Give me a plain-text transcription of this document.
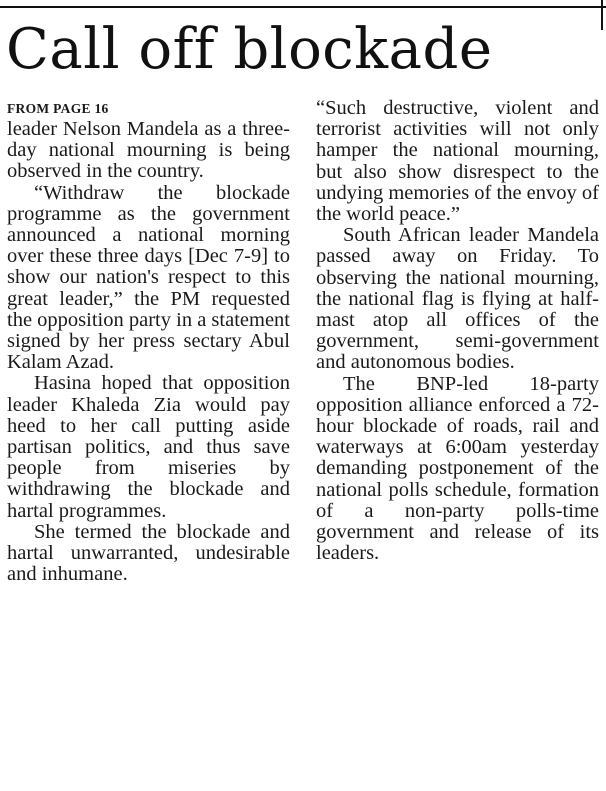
Call off blockade
FROM PAGE 16

leader Nelson Mandela as a three-day national mourning is being observed in the country.

“Withdraw the blockade programme as the government announced a national morning over these three days [Dec 7-9] to show our nation's respect to this great leader,” the PM requested the opposition party in a statement signed by her press sectary Abul Kalam Azad.

Hasina hoped that opposition leader Khaleda Zia would pay heed to her call putting aside partisan politics, and thus save people from miseries by withdrawing the blockade and hartal programmes.

She termed the blockade and hartal unwarranted, undesirable and inhumane.

“Such destructive, violent and terrorist activities will not only hamper the national mourning, but also show disrespect to the undying memories of the envoy of the world peace.”

South African leader Mandela passed away on Friday. To observing the national mourning, the national flag is flying at half-mast atop all offices of the government, semi-government and autonomous bodies.

The BNP-led 18-party opposition alliance enforced a 72-hour blockade of roads, rail and waterways at 6:00am yesterday demanding postponement of the national polls schedule, formation of a non-party polls-time government and release of its leaders.
